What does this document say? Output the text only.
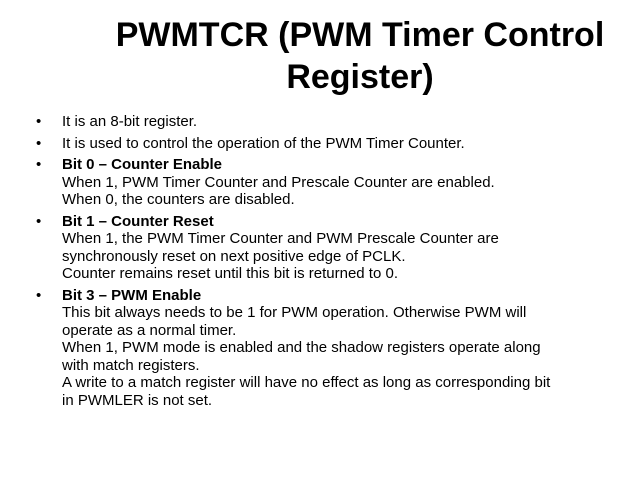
PWMTCR (PWM Timer Control
Register)
•	It is an 8-bit register.
•	It is used to control the operation of the PWM Timer Counter.
•	Bit 0 – Counter Enable
When 1, PWM Timer Counter and Prescale Counter are enabled.
When 0, the counters are disabled.
•	Bit 1 – Counter Reset
When 1, the PWM Timer Counter and PWM Prescale Counter are
synchronously reset on next positive edge of PCLK.
Counter remains reset until this bit is returned to 0.
•	Bit 3 – PWM Enable
This bit always needs to be 1 for PWM operation. Otherwise PWM will
operate as a normal timer.
When 1, PWM mode is enabled and the shadow registers operate along
with match registers.
A write to a match register will have no effect as long as corresponding bit
in PWMLER is not set.
